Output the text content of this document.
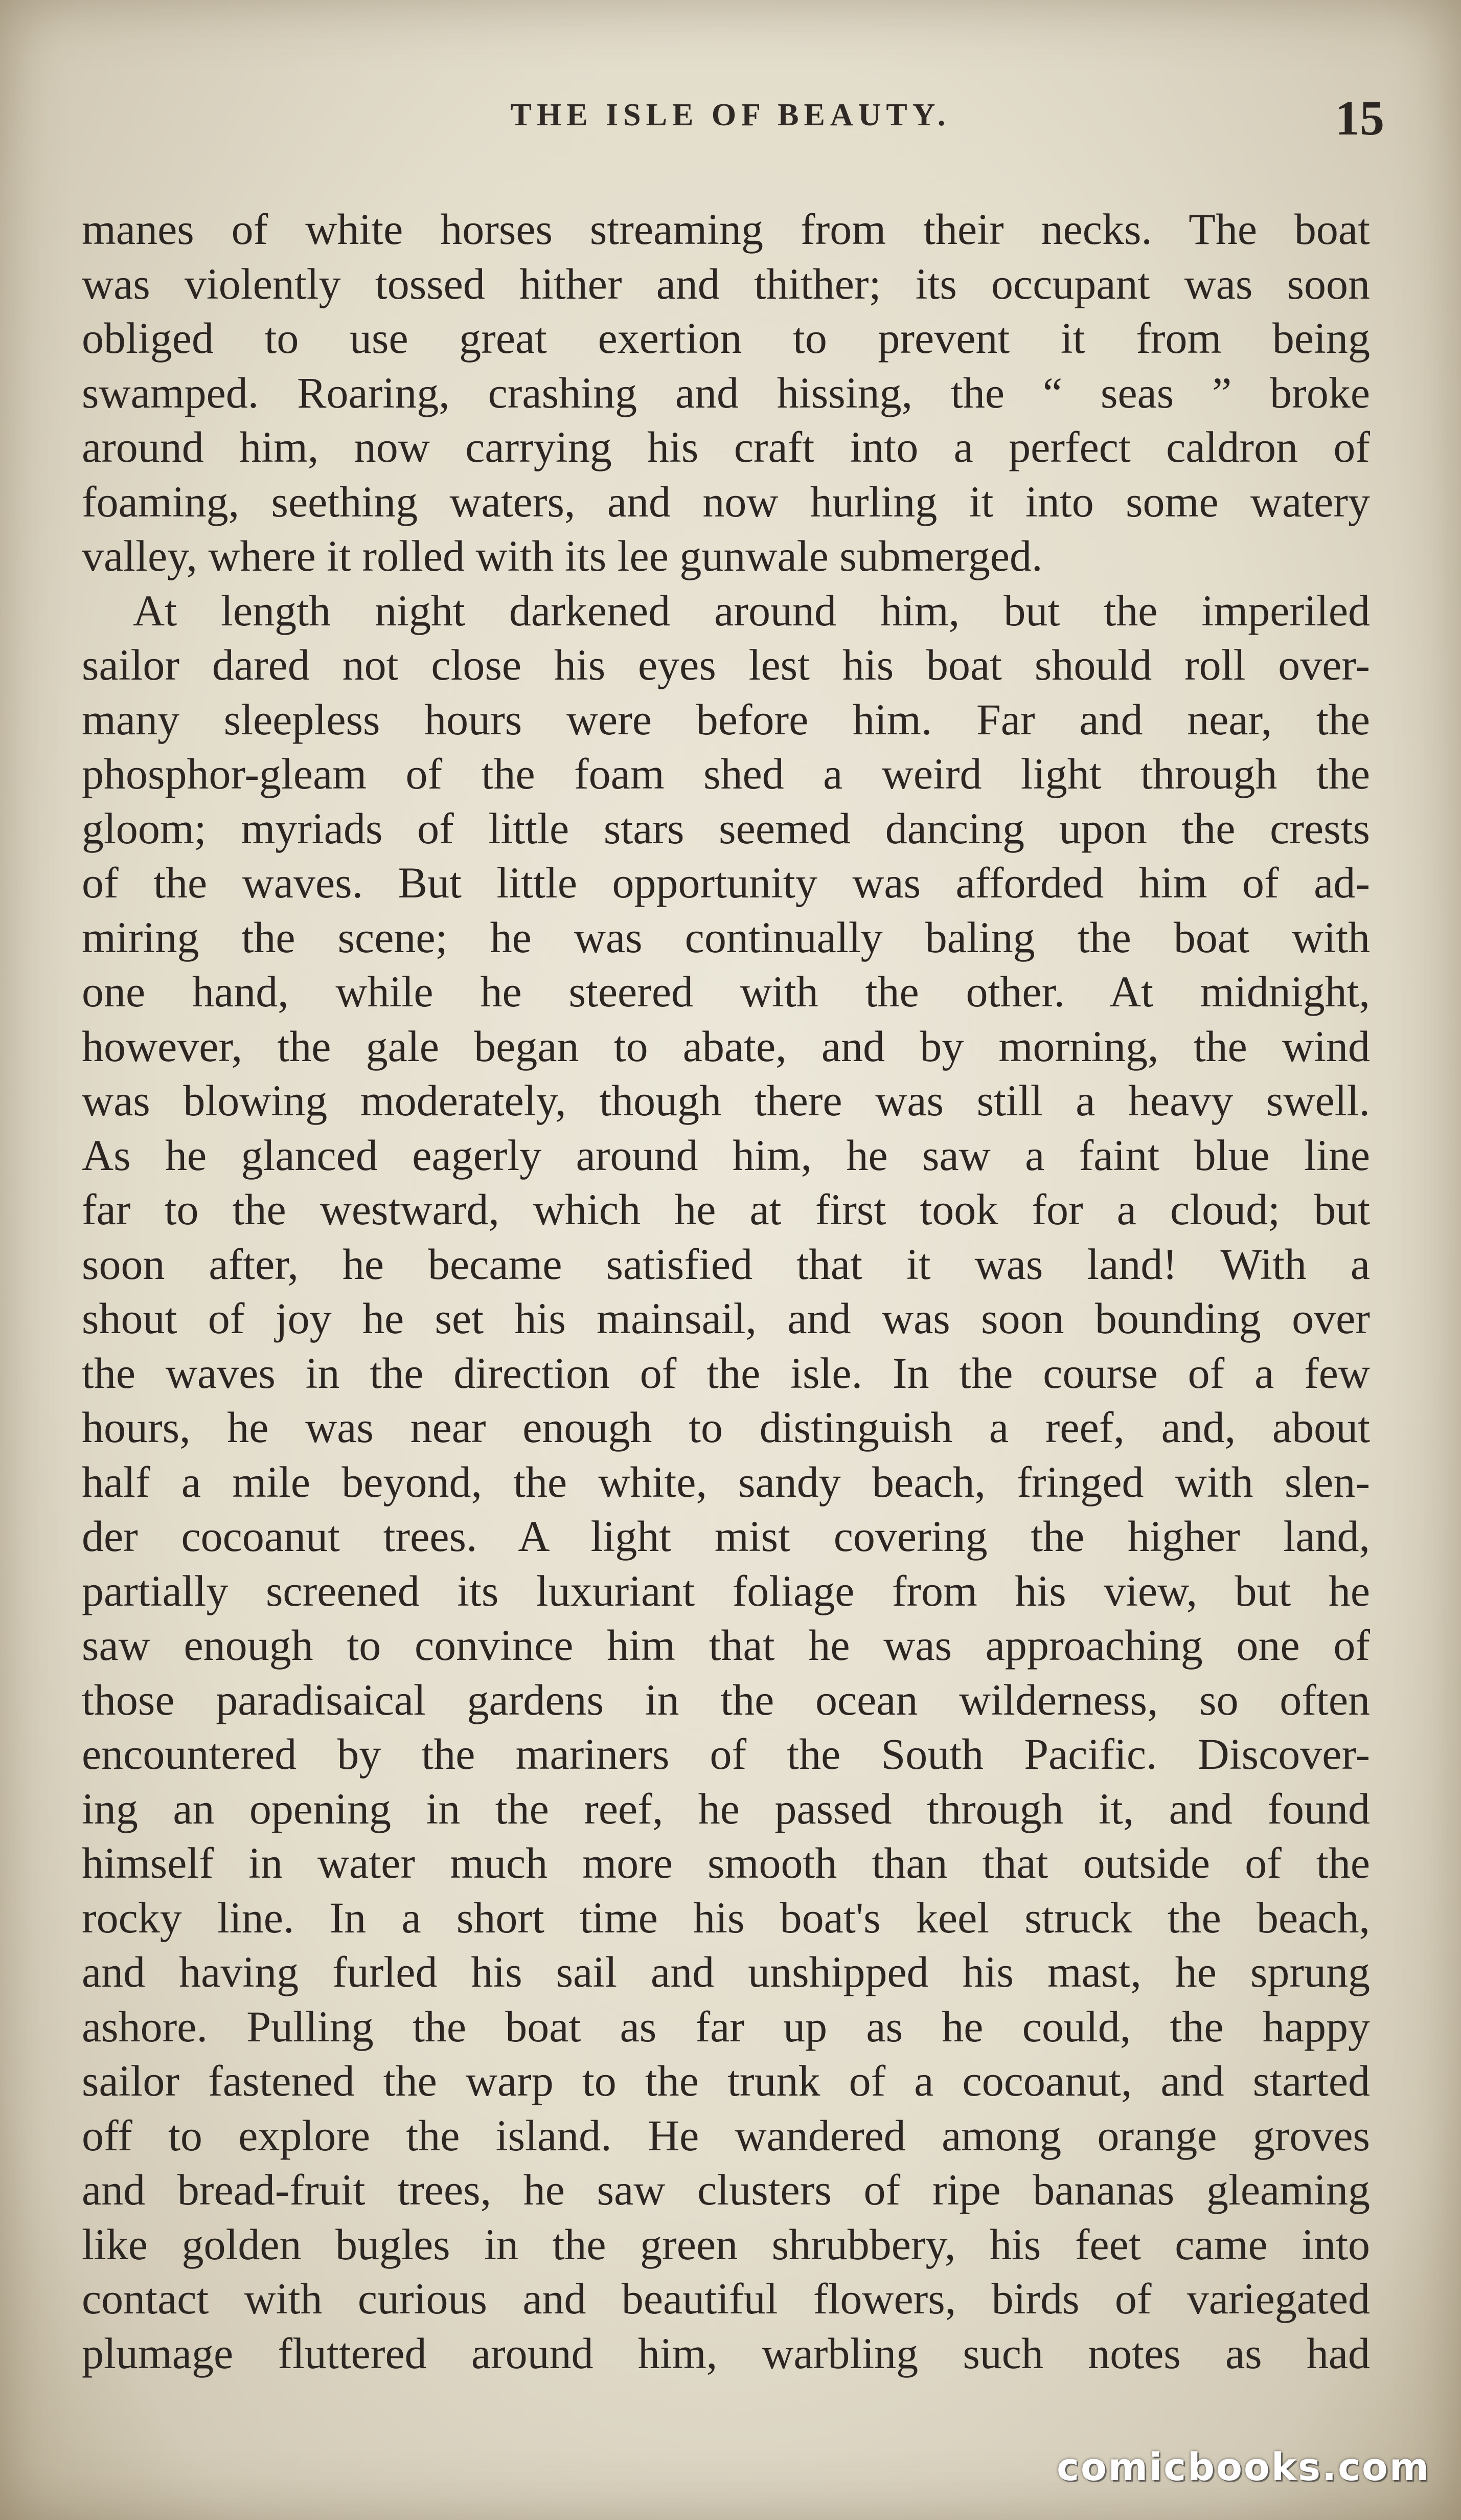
THE ISLE OF BEAUTY.	15
manes of white horses streaming from their necks. The boat
was violently tossed hither and thither; its occupant was soon
obliged to use great exertion to prevent it from being
swamped. Roaring, crashing and hissing, the “ seas ” broke
around him, now carrying his craft into a perfect caldron of
foaming, seething waters, and now hurling it into some watery
valley, where it rolled with its lee gunwale submerged.
At length night darkened around him, but the imperiled
sailor dared not close his eyes lest his boat should roll over-
many sleepless hours were before him. Far and near, the
phosphor-gleam of the foam shed a weird light through the
gloom; myriads of little stars seemed dancing upon the crests
of the waves. But little opportunity was afforded him of ad-
miring the scene; he was continually baling the boat with
one hand, while he steered with the other. At midnight,
however, the gale began to abate, and by morning, the wind
was blowing moderately, though there was still a heavy swell.
As he glanced eagerly around him, he saw a faint blue line
far to the westward, which he at first took for a cloud; but
soon after, he became satisfied that it was land! With a
shout of joy he set his mainsail, and was soon bounding over
the waves in the direction of the isle. In the course of a few
hours, he was near enough to distinguish a reef, and, about
half a mile beyond, the white, sandy beach, fringed with slen-
der cocoanut trees. A light mist covering the higher land,
partially screened its luxuriant foliage from his view, but he
saw enough to convince him that he was approaching one of
those paradisaical gardens in the ocean wilderness, so often
encountered by the mariners of the South Pacific. Discover-
ing an opening in the reef, he passed through it, and found
himself in water much more smooth than that outside of the
rocky line. In a short time his boat's keel struck the beach,
and having furled his sail and unshipped his mast, he sprung
ashore. Pulling the boat as far up as he could, the happy
sailor fastened the warp to the trunk of a cocoanut, and started
off to explore the island. He wandered among orange groves
and bread-fruit trees, he saw clusters of ripe bananas gleaming
like golden bugles in the green shrubbery, his feet came into
contact with curious and beautiful flowers, birds of variegated
plumage fluttered around him, warbling such notes as had
comicbooks.com
